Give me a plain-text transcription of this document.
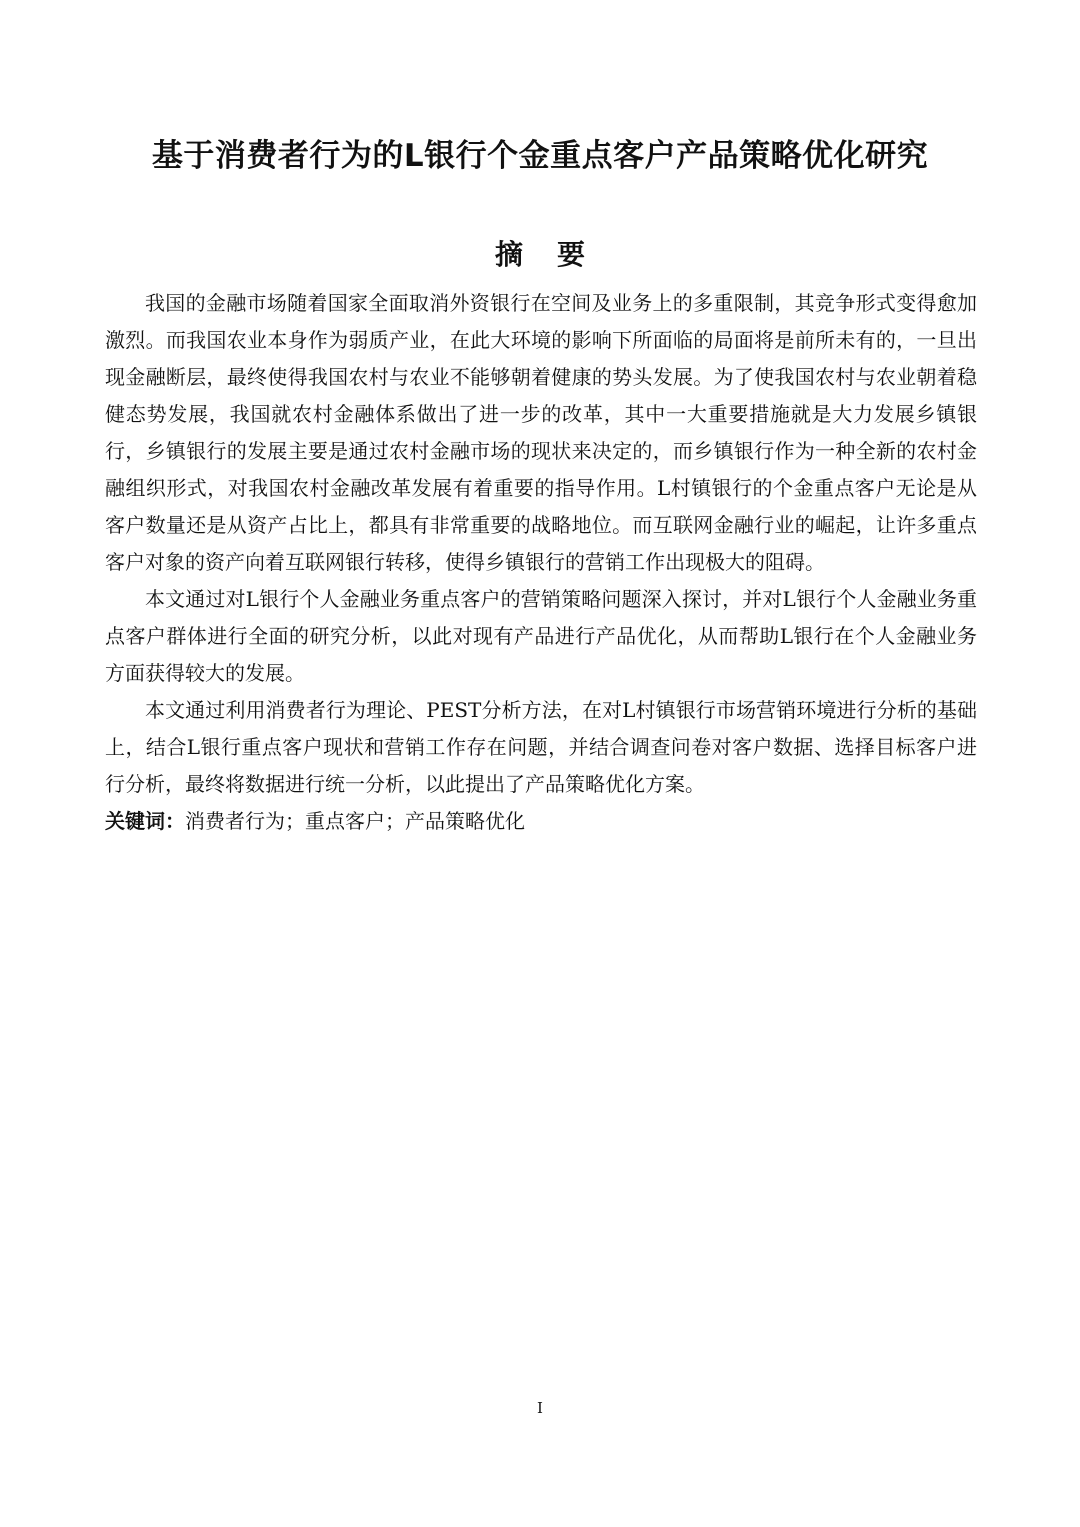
基于消费者行为的L银行个金重点客户产品策略优化研究
摘要

我国的金融市场随着国家全面取消外资银行在空间及业务上的多重限制，其竞争形式变得愈加激烈。而我国农业本身作为弱质产业，在此大环境的影响下所面临的局面将是前所未有的，一旦出现金融断层，最终使得我国农村与农业不能够朝着健康的势头发展。为了使我国农村与农业朝着稳健态势发展，我国就农村金融体系做出了进一步的改革，其中一大重要措施就是大力发展乡镇银行，乡镇银行的发展主要是通过农村金融市场的现状来决定的，而乡镇银行作为一种全新的农村金融组织形式，对我国农村金融改革发展有着重要的指导作用。L村镇银行的个金重点客户无论是从客户数量还是从资产占比上，都具有非常重要的战略地位。而互联网金融行业的崛起，让许多重点客户对象的资产向着互联网银行转移，使得乡镇银行的营销工作出现极大的阻碍。

本文通过对L银行个人金融业务重点客户的营销策略问题深入探讨，并对L银行个人金融业务重点客户群体进行全面的研究分析，以此对现有产品进行产品优化，从而帮助L银行在个人金融业务方面获得较大的发展。

本文通过利用消费者行为理论、PEST分析方法，在对L村镇银行市场营销环境进行分析的基础上，结合L银行重点客户现状和营销工作存在问题，并结合调查问卷对客户数据、选择目标客户进行分析，最终将数据进行统一分析，以此提出了产品策略优化方案。

关键词：消费者行为；重点客户；产品策略优化

I
